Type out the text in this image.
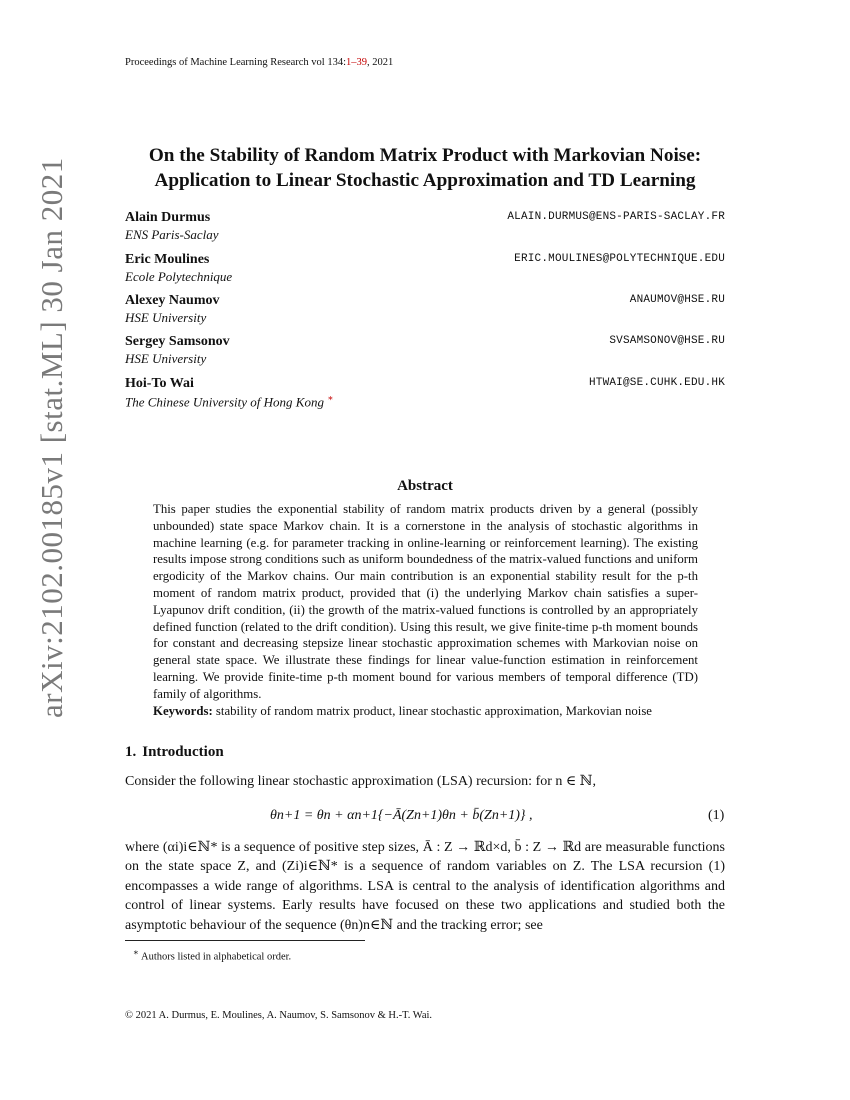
Proceedings of Machine Learning Research vol 134:1–39, 2021
arXiv:2102.00185v1 [stat.ML] 30 Jan 2021
On the Stability of Random Matrix Product with Markovian Noise:
Application to Linear Stochastic Approximation and TD Learning
Alain Durmus
ENS Paris-Saclay
ALAIN.DURMUS@ENS-PARIS-SACLAY.FR
Eric Moulines
Ecole Polytechnique
ERIC.MOULINES@POLYTECHNIQUE.EDU
Alexey Naumov
HSE University
ANAUMOV@HSE.RU
Sergey Samsonov
HSE University
SVSAMSONOV@HSE.RU
Hoi-To Wai
The Chinese University of Hong Kong ∗
HTWAI@SE.CUHK.EDU.HK
Abstract
This paper studies the exponential stability of random matrix products driven by a general (possibly unbounded) state space Markov chain. It is a cornerstone in the analysis of stochastic algorithms in machine learning (e.g. for parameter tracking in online-learning or reinforcement learning). The existing results impose strong conditions such as uniform boundedness of the matrix-valued functions and uniform ergodicity of the Markov chains. Our main contribution is an exponential stability result for the p-th moment of random matrix product, provided that (i) the underlying Markov chain satisfies a super-Lyapunov drift condition, (ii) the growth of the matrix-valued functions is controlled by an appropriately defined function (related to the drift condition). Using this result, we give finite-time p-th moment bounds for constant and decreasing stepsize linear stochastic approximation schemes with Markovian noise on general state space. We illustrate these findings for linear value-function estimation in reinforcement learning. We provide finite-time p-th moment bound for various members of temporal difference (TD) family of algorithms.
Keywords: stability of random matrix product, linear stochastic approximation, Markovian noise
1. Introduction
Consider the following linear stochastic approximation (LSA) recursion: for n ∈ ℕ,
θn+1 = θn + αn+1{−Ā(Zn+1)θn + b̄(Zn+1)} ,	(1)
where (αi)i∈ℕ* is a sequence of positive step sizes, Ā : Z → ℝd×d, b̄ : Z → ℝd are measurable functions on the state space Z, and (Zi)i∈ℕ* is a sequence of random variables on Z. The LSA recursion (1) encompasses a wide range of algorithms. LSA is central to the analysis of identification algorithms and control of linear systems. Early results have focused on these two applications and studied both the asymptotic behaviour of the sequence (θn)n∈ℕ and the tracking error; see
∗ Authors listed in alphabetical order.
© 2021 A. Durmus, E. Moulines, A. Naumov, S. Samsonov & H.-T. Wai.
